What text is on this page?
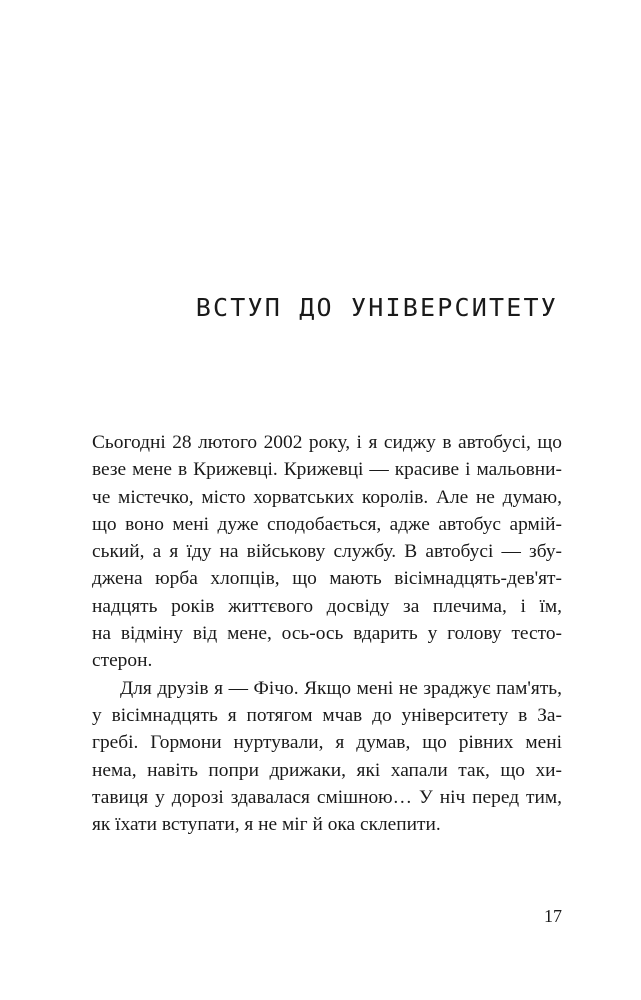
ВСТУП ДО УНІВЕРСИТЕТУ

Сьогодні 28 лютого 2002 року, і я сиджу в автобусі, що
везе мене в Крижевці. Крижевці — красиве і мальовни-
че містечко, місто хорватських королів. Але не думаю,
що воно мені дуже сподобається, адже автобус армій-
ський, а я їду на військову службу. В автобусі — збу-
джена юрба хлопців, що мають вісімнадцять-дев'ят-
надцять років життєвого досвіду за плечима, і їм,
на відміну від мене, ось-ось вдарить у голову тесто-
стерон.

Для друзів я — Фічо. Якщо мені не зраджує пам'ять,
у вісімнадцять я потягом мчав до університету в За-
гребі. Гормони нуртували, я думав, що рівних мені
нема, навіть попри дрижаки, які хапали так, що хи-
тавиця у дорозі здавалася смішною… У ніч перед тим,
як їхати вступати, я не міг й ока склепити.

17
